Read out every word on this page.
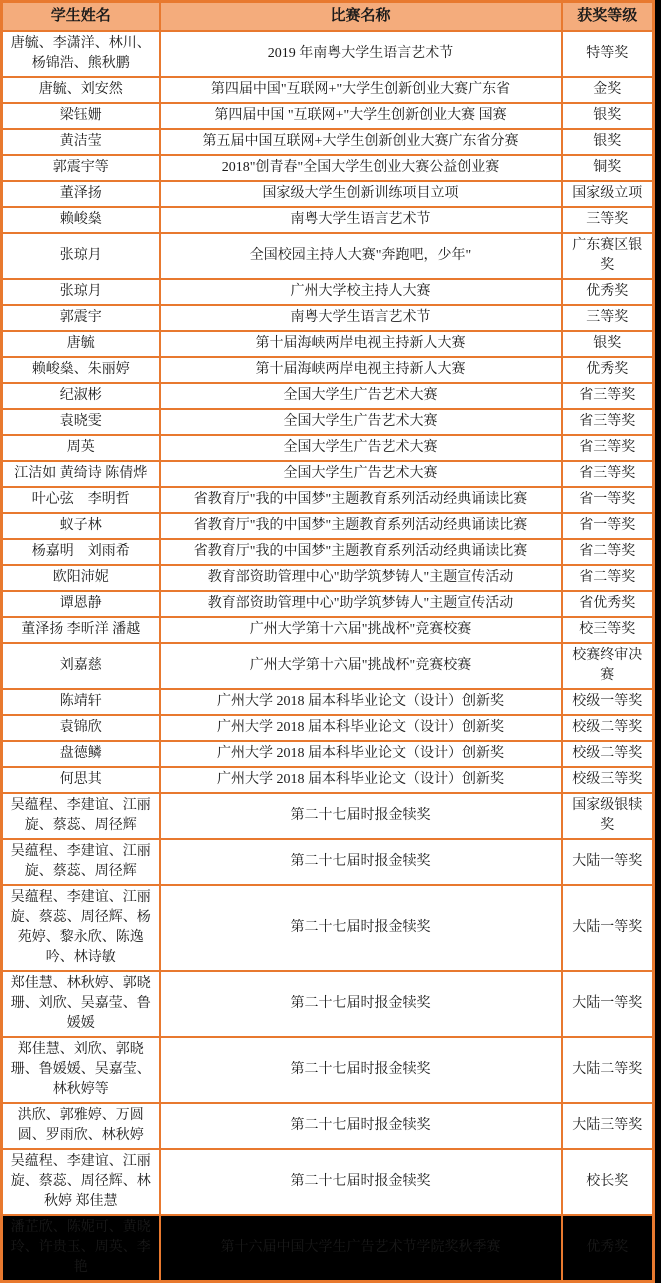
学生姓名	比赛名称	获奖等级
唐毓、李潇洋、林川、杨锦浩、熊秋鹏	2019 年南粤大学生语言艺术节	特等奖
唐毓、刘安然	第四届中国"互联网+"大学生创新创业大赛广东省	金奖
梁钰姗	第四届中国 "互联网+"大学生创新创业大赛 国赛	银奖
黄洁莹	第五届中国互联网+大学生创新创业大赛广东省分赛	银奖
郭震宇等	2018"创青春"全国大学生创业大赛公益创业赛	铜奖
董泽扬	国家级大学生创新训练项目立项	国家级立项
赖峻燊	南粤大学生语言艺术节	三等奖
张琼月	全国校园主持人大赛"奔跑吧，少年"	广东赛区银奖
张琼月	广州大学校主持人大赛	优秀奖
郭震宇	南粤大学生语言艺术节	三等奖
唐毓	第十届海峡两岸电视主持新人大赛	银奖
赖峻燊、朱丽婷	第十届海峡两岸电视主持新人大赛	优秀奖
纪淑彬	全国大学生广告艺术大赛	省三等奖
袁晓雯	全国大学生广告艺术大赛	省三等奖
周英	全国大学生广告艺术大赛	省三等奖
江洁如 黄绮诗 陈倩烨	全国大学生广告艺术大赛	省三等奖
叶心弦　李明哲	省教育厅"我的中国梦"主题教育系列活动经典诵读比赛	省一等奖
蚁子林	省教育厅"我的中国梦"主题教育系列活动经典诵读比赛	省一等奖
杨嘉明　刘雨希	省教育厅"我的中国梦"主题教育系列活动经典诵读比赛	省二等奖
欧阳沛妮	教育部资助管理中心"助学筑梦铸人"主题宣传活动	省二等奖
谭恩静	教育部资助管理中心"助学筑梦铸人"主题宣传活动	省优秀奖
董泽扬 李昕洋 潘越	广州大学第十六届"挑战杯"竞赛校赛	校三等奖
刘嘉慈	广州大学第十六届"挑战杯"竞赛校赛	校赛终审决赛
陈靖轩	广州大学 2018 届本科毕业论文（设计）创新奖	校级一等奖
袁锦欣	广州大学 2018 届本科毕业论文（设计）创新奖	校级二等奖
盘德鳞	广州大学 2018 届本科毕业论文（设计）创新奖	校级二等奖
何思其	广州大学 2018 届本科毕业论文（设计）创新奖	校级三等奖
吴蕴程、李建谊、江丽旋、蔡蕊、周径辉	第二十七届时报金犊奖	国家级银犊奖
吴蕴程、李建谊、江丽旋、蔡蕊、周径辉	第二十七届时报金犊奖	大陆一等奖
吴蕴程、李建谊、江丽旋、蔡蕊、周径辉、杨苑婷、黎永欣、陈逸吟、林诗敏	第二十七届时报金犊奖	大陆一等奖
郑佳慧、林秋婷、郭晓珊、刘欣、吴嘉莹、鲁媛媛	第二十七届时报金犊奖	大陆一等奖
郑佳慧、刘欣、郭晓珊、鲁媛媛、吴嘉莹、林秋婷等	第二十七届时报金犊奖	大陆二等奖
洪欣、郭雅婷、万圆圆、罗雨欣、林秋婷	第二十七届时报金犊奖	大陆三等奖
吴蕴程、李建谊、江丽旋、蔡蕊、周径辉、林秋婷 郑佳慧	第二十七届时报金犊奖	校长奖
潘芷欣、陈妮可、黄晓玲、许贵玉、周英、李艳	第十六届中国大学生广告艺术节学院奖秋季赛	优秀奖
